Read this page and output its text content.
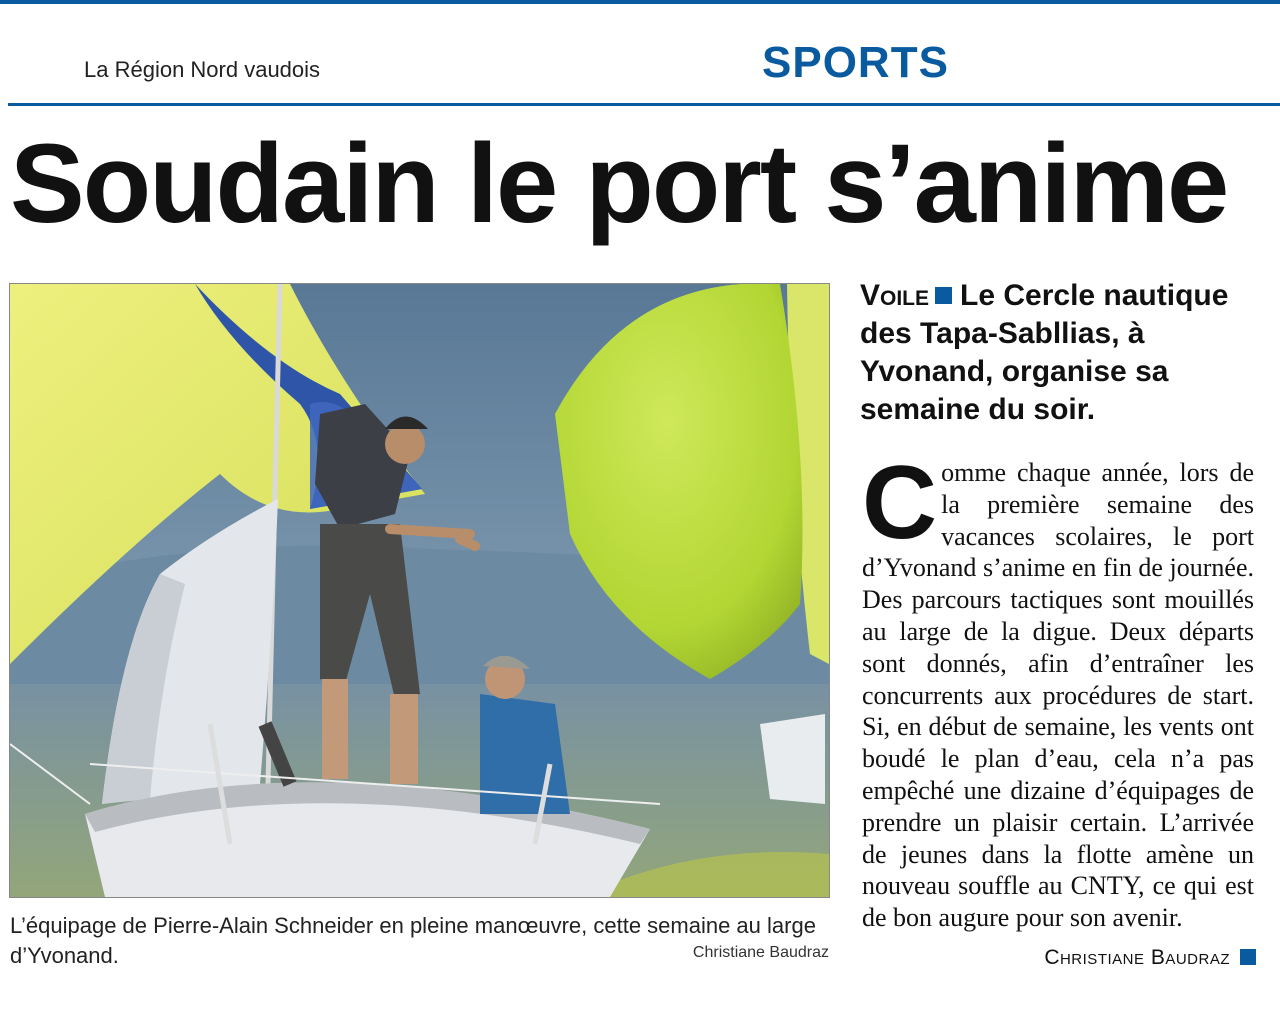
La Région Nord vaudois	SPORTS
Soudain le port s’anime
L’équipage de Pierre-Alain Schneider en pleine manœuvre, cette semaine au large d’Yvonand.	Christiane Baudraz
Voile Le Cercle nautique des Tapa-Sabllias, à Yvonand, organise sa semaine du soir.
Comme chaque année, lors de la première semaine des vacances scolaires, le port d’Yvonand s’anime en fin de journée. Des parcours tactiques sont mouillés au large de la digue. Deux départs sont donnés, afin d’entraîner les concurrents aux procédures de start. Si, en début de semaine, les vents ont boudé le plan d’eau, cela n’a pas empêché une dizaine d’équipages de prendre un plaisir certain. L’arrivée de jeunes dans la flotte amène un nouveau souffle au CNTY, ce qui est de bon augure pour son avenir.
Christiane Baudraz
